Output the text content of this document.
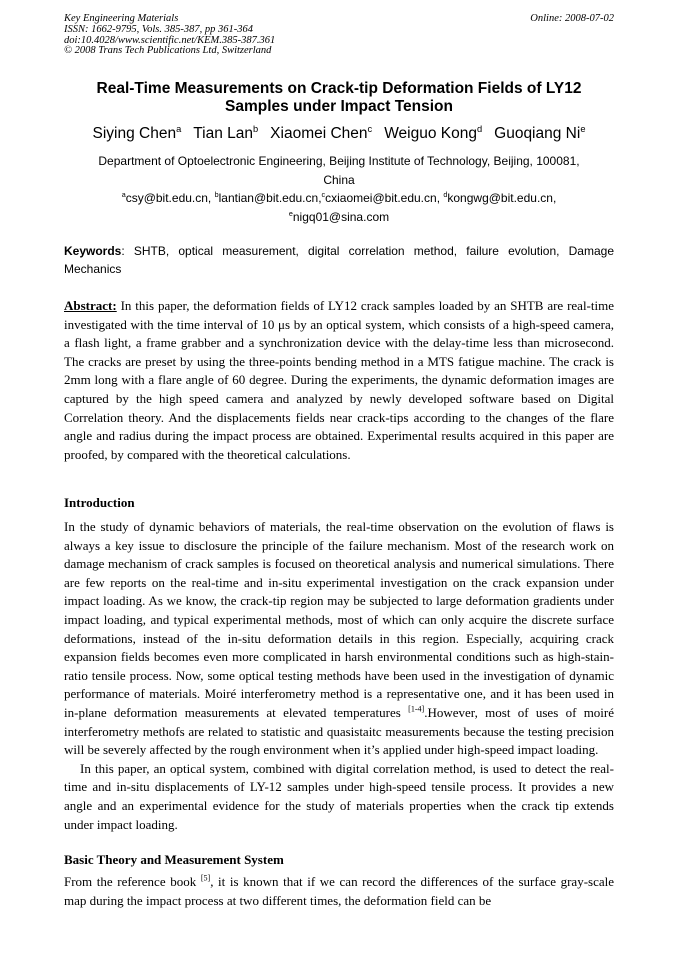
Key Engineering Materials
ISSN: 1662-9795, Vols. 385-387, pp 361-364
doi:10.4028/www.scientific.net/KEM.385-387.361
© 2008 Trans Tech Publications Ltd, Switzerland
Online: 2008-07-02
Real-Time Measurements on Crack-tip Deformation Fields of LY12 Samples under Impact Tension
Siying Chen$^a$ Tian Lan$^b$ Xiaomei Chen$^c$ Weiguo Kong$^d$ Guoqiang Ni$^e$
Department of Optoelectronic Engineering, Beijing Institute of Technology, Beijing, 100081, China
$^a$csy@bit.edu.cn, $^b$lantian@bit.edu.cn,$^c$cxiaomei@bit.edu.cn, $^d$kongwg@bit.edu.cn,
$^e$nigq01@sina.com
Keywords: SHTB, optical measurement, digital correlation method, failure evolution, Damage Mechanics
Abstract: In this paper, the deformation fields of LY12 crack samples loaded by an SHTB are real-time investigated with the time interval of 10 μs by an optical system, which consists of a high-speed camera, a flash light, a frame grabber and a synchronization device with the delay-time less than microsecond. The cracks are preset by using the three-points bending method in a MTS fatigue machine. The crack is 2mm long with a flare angle of 60 degree. During the experiments, the dynamic deformation images are captured by the high speed camera and analyzed by newly developed software based on Digital Correlation theory. And the displacements fields near crack-tips according to the changes of the flare angle and radius during the impact process are obtained. Experimental results acquired in this paper are proofed, by compared with the theoretical calculations.
Introduction

In the study of dynamic behaviors of materials, the real-time observation on the evolution of flaws is always a key issue to disclosure the principle of the failure mechanism. Most of the research work on damage mechanism of crack samples is focused on theoretical analysis and numerical simulations. There are few reports on the real-time and in-situ experimental investigation on the crack expansion under impact loading. As we know, the crack-tip region may be subjected to large deformation gradients under impact loading, and typical experimental methods, most of which can only acquire the discrete surface deformations, instead of the in-situ deformation details in this region. Especially, acquiring crack expansion fields becomes even more complicated in harsh environmental conditions such as high-stain-ratio tensile process. Now, some optical testing methods have been used in the investigation of dynamic performance of materials. Moiré interferometry method is a representative one, and it has been used in in-plane deformation measurements at elevated temperatures [1-4].However, most of uses of moiré interferometry methofs are related to statistic and quasistaitc measurements because the testing precision will be severely affected by the rough environment when it’s applied under high-speed impact loading.

In this paper, an optical system, combined with digital correlation method, is used to detect the real-time and in-situ displacements of LY-12 samples under high-speed tensile process. It provides a new angle and an experimental evidence for the study of materials properties when the crack tip extends under impact loading.

Basic Theory and Measurement System

From the reference book [5], it is known that if we can record the differences of the surface gray-scale map during the impact process at two different times, the deformation field can be
